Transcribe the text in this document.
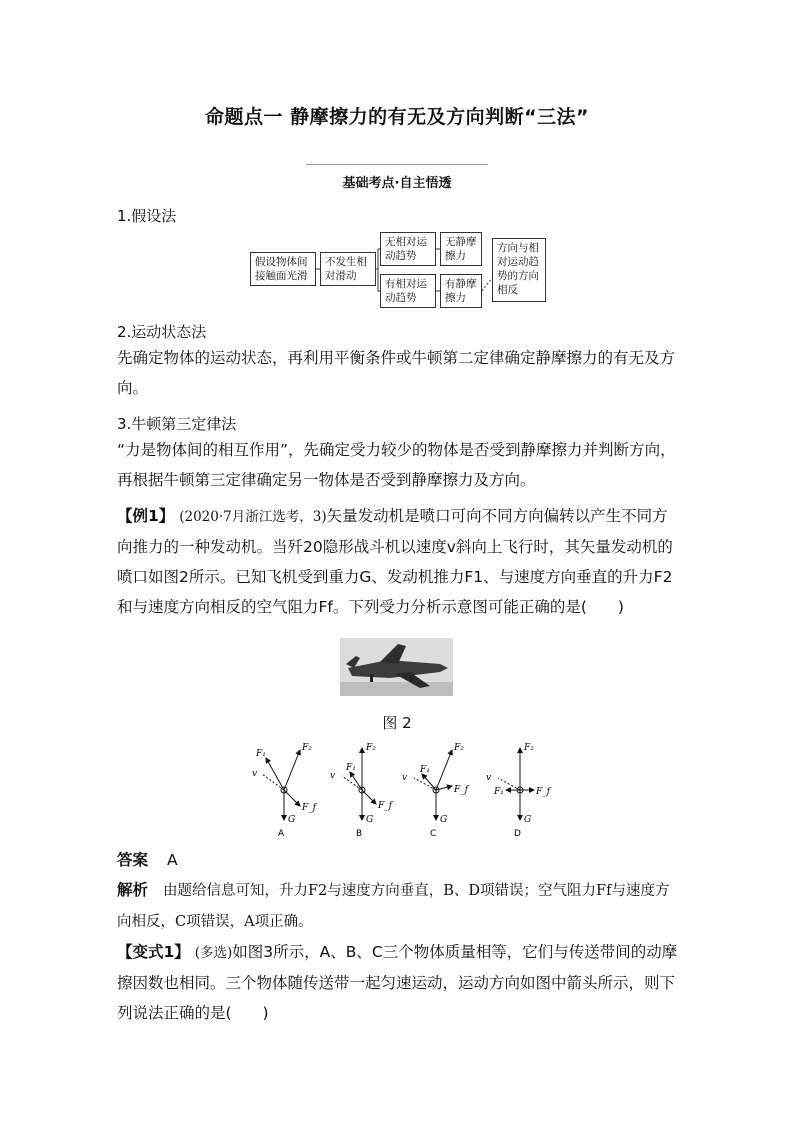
命题点一 静摩擦力的有无及方向判断“三法”
基础考点·自主悟透
1.假设法
假设物体间接触面光滑
不发生相对滑动
无相对运动趋势
无静摩擦力
有相对运动趋势
有静摩擦力
方向与相对运动趋势的方向相反
2.运动状态法
先确定物体的运动状态，再利用平衡条件或牛顿第二定律确定静摩擦力的有无及方向。
3.牛顿第三定律法
“力是物体间的相互作用”，先确定受力较少的物体是否受到静摩擦力并判断方向，再根据牛顿第三定律确定另一物体是否受到静摩擦力及方向。
【例1】 (2020·7月浙江选考，3)矢量发动机是喷口可向不同方向偏转以产生不同方向推力的一种发动机。当歼20隐形战斗机以速度v斜向上飞行时，其矢量发动机的喷口如图2所示。已知飞机受到重力G、发动机推力F1、与速度方向垂直的升力F2和与速度方向相反的空气阻力Ff。下列受力分析示意图可能正确的是(　　)
图 2
F₁
F₂
v
F_f
G
A
F₂
F₁
v
F_f
G
B
F₂
F₁
v
F_f
G
C
F₂
F₁
v
F_f
G
D
答案 A
解析 由题给信息可知，升力F2与速度方向垂直，B、D项错误；空气阻力Ff与速度方向相反，C项错误，A项正确。
【变式1】 (多选)如图3所示，A、B、C三个物体质量相等，它们与传送带间的动摩擦因数也相同。三个物体随传送带一起匀速运动，运动方向如图中箭头所示，则下列说法正确的是(　　)
